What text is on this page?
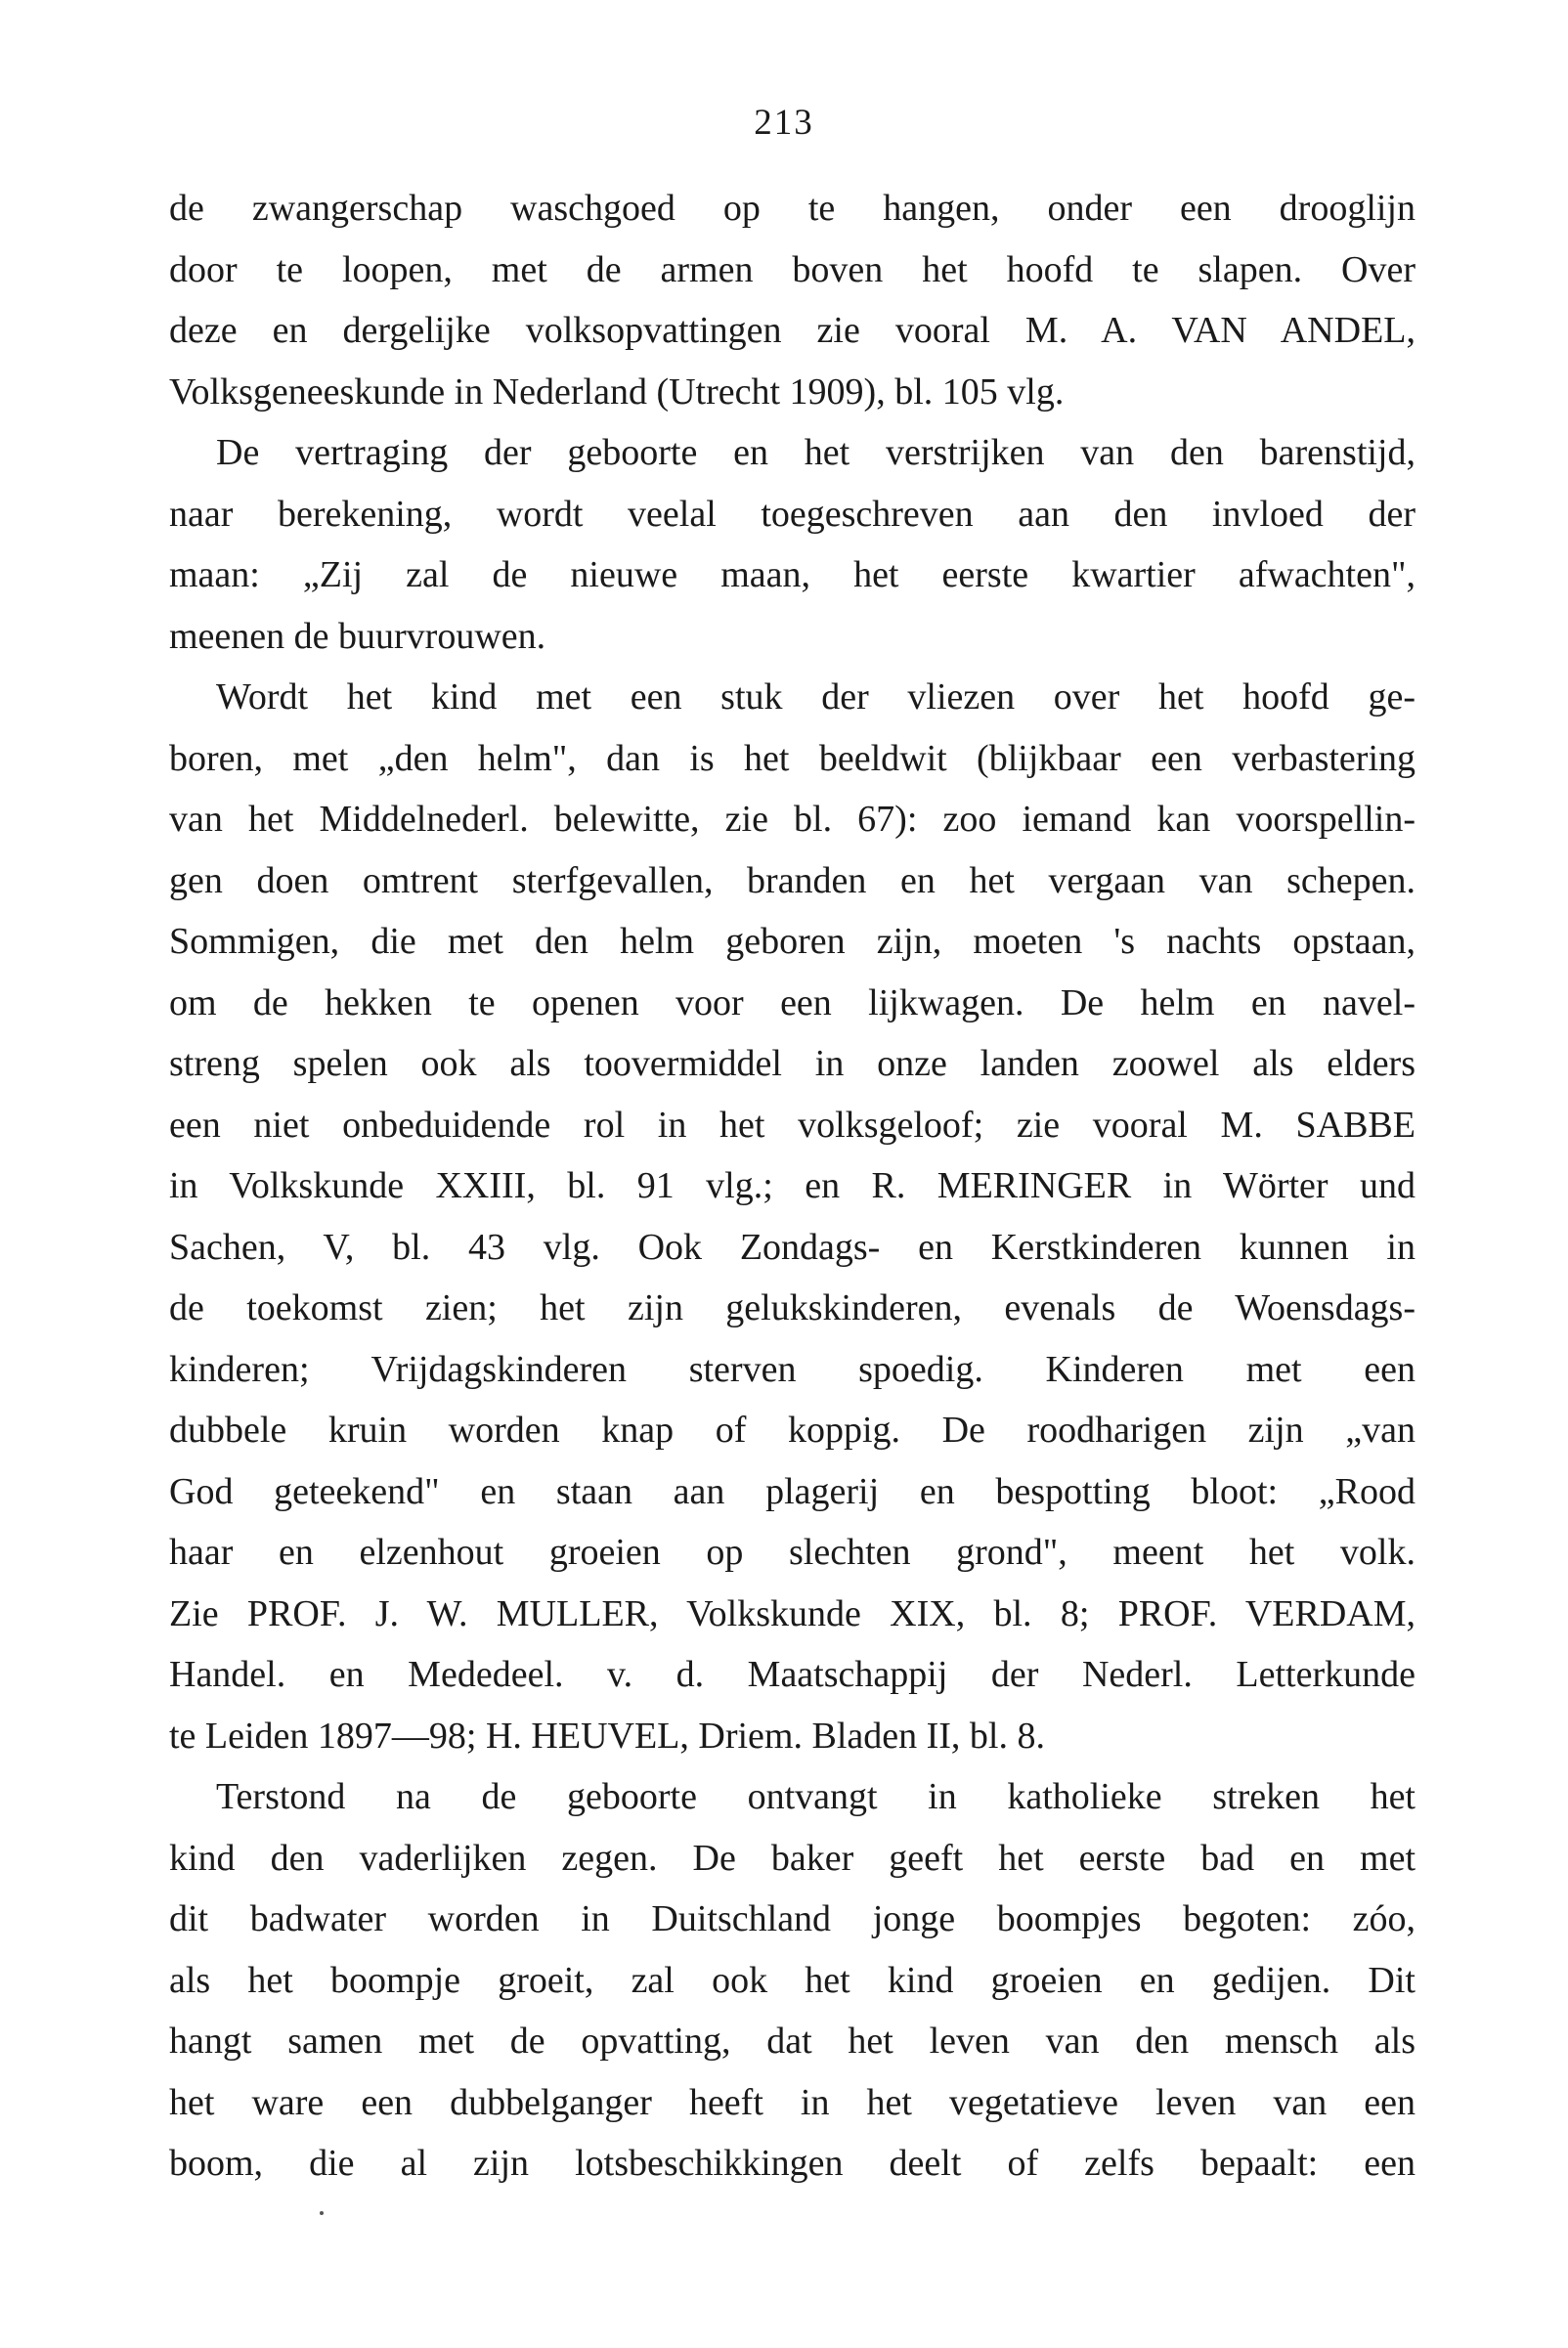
213
de zwangerschap waschgoed op te hangen, onder een drooglijn
door te loopen, met de armen boven het hoofd te slapen. Over
deze en dergelijke volksopvattingen zie vooral M. A. VAN ANDEL,
Volksgeneeskunde in Nederland (Utrecht 1909), bl. 105 vlg.
De vertraging der geboorte en het verstrijken van den barenstijd,
naar berekening, wordt veelal toegeschreven aan den invloed der
maan: „Zij zal de nieuwe maan, het eerste kwartier afwachten",
meenen de buurvrouwen.
Wordt het kind met een stuk der vliezen over het hoofd ge-
boren, met „den helm", dan is het beeldwit (blijkbaar een verbastering
van het Middelnederl. belewitte, zie bl. 67): zoo iemand kan voorspellin-
gen doen omtrent sterfgevallen, branden en het vergaan van schepen.
Sommigen, die met den helm geboren zijn, moeten 's nachts opstaan,
om de hekken te openen voor een lijkwagen. De helm en navel-
streng spelen ook als toovermiddel in onze landen zoowel als elders
een niet onbeduidende rol in het volksgeloof; zie vooral M. SABBE
in Volkskunde XXIII, bl. 91 vlg.; en R. MERINGER in Wörter und
Sachen, V, bl. 43 vlg. Ook Zondags- en Kerstkinderen kunnen in
de toekomst zien; het zijn gelukskinderen, evenals de Woensdags-
kinderen; Vrijdagskinderen sterven spoedig. Kinderen met een
dubbele kruin worden knap of koppig. De roodharigen zijn „van
God geteekend" en staan aan plagerij en bespotting bloot: „Rood
haar en elzenhout groeien op slechten grond", meent het volk.
Zie PROF. J. W. MULLER, Volkskunde XIX, bl. 8; PROF. VERDAM,
Handel. en Mededeel. v. d. Maatschappij der Nederl. Letterkunde
te Leiden 1897—98; H. HEUVEL, Driem. Bladen II, bl. 8.
Terstond na de geboorte ontvangt in katholieke streken het
kind den vaderlijken zegen. De baker geeft het eerste bad en met
dit badwater worden in Duitschland jonge boompjes begoten: zóo,
als het boompje groeit, zal ook het kind groeien en gedijen. Dit
hangt samen met de opvatting, dat het leven van den mensch als
het ware een dubbelganger heeft in het vegetatieve leven van een
boom, die al zijn lotsbeschikkingen deelt of zelfs bepaalt: een
